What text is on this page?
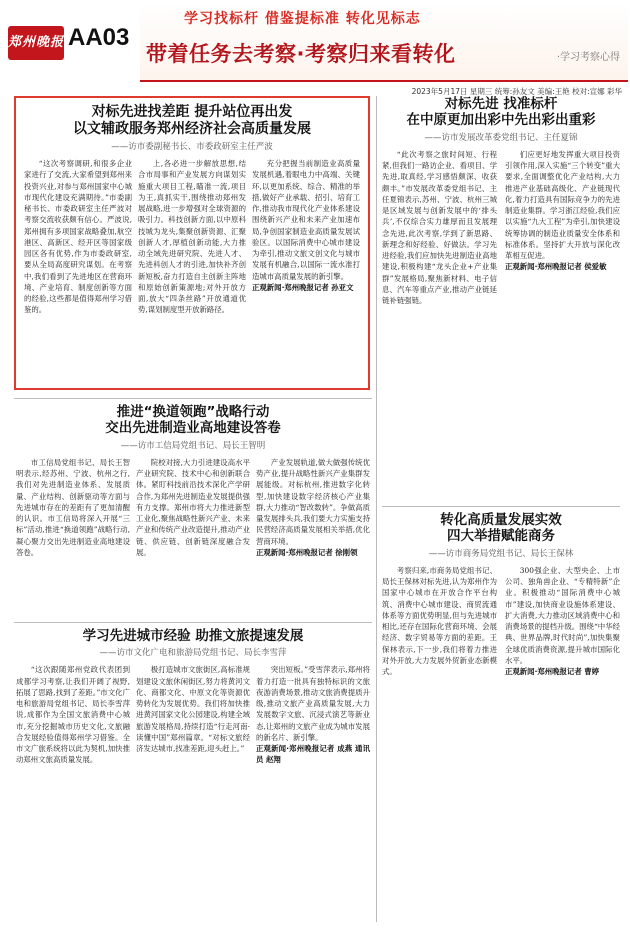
郑州晚报 AA03
学习找标杆 借鉴提标准 转化见标志
带着任务去考察·考察归来看转化	·学习考察心得
2023年5月17日 星期三 统筹:孙友文 美编:王艳 校对:宣娜 彩华
对标先进找差距 提升站位再出发
以文辅政服务郑州经济社会高质量发展
——访市委副秘书长、市委政研室主任严波

“这次考察调研,和很多企业家进行了交流,大家希望到郑州来投资兴业,对参与郑州国家中心城市现代化建设充满期待。”市委副秘书长、市委政研室主任严波对考察交流收获颇有信心。严波说,郑州拥有多项国家战略叠加,航空港区、高新区、经开区等国家级园区各有优势,作为市委政研室,要从全局高度研究谋划。在考察中,我们看到了先进地区在营商环境、产业培育、制度创新等方面的经验,这些都是值得郑州学习借鉴的。

上,各必进一步解放思想,结合市局事和产业发展方向谋划实施重大项目工程,瞄准一流,项目为王,真抓实干,围绕推动郑州发展战略,进一步增强对全球资源的吸引力。科技创新方面,以中原科技城为龙头,集聚创新资源、汇聚创新人才,厚植创新动能,大力推动全域先进研究院、先进人才、先进科创人才的引进,加快补齐创新短板,奋力打造自主创新主阵地和原始创新策源地;对外开放方面,放大“四条丝路”开放通道优势,谋划制度型开放新路径。

充分把握当前制造业高质量发展机遇,着眼电力中高端、关键环,以更加系统、综合、精准的举措,做好产业承载、招引、培育工作,推动我市现代化产业体系建设围绕新兴产业和未来产业加速布局,争创国家制造业高质量发展试验区。以国际消费中心城市建设为牵引,推动文旅文创文化与城市发展有机融合,以国际一流水准打造城市高质量发展的新引擎。

正观新闻·郑州晚报记者 孙亚文

对标先进 找准标杆
在中原更加出彩中先出彩出重彩
——访市发展改革委党组书记、主任夏锦

“此次考察之旅时间短、行程紧,但我们一路访企业、看项目、学先进,取真经,学习感悟颇深、收获颇丰。”市发展改革委党组书记、主任夏锦表示,苏州、宁波、杭州三城是区域发展与创新发展中的‘排头兵’,不仅综合实力雄厚而且发展理念先进,此次考察,学到了新思路、新理念和好经验、好做法。学习先进经验,我们应加快先进制造业高地建设,积极构建“龙头企业+产业集群”发展格局,聚焦新材料、电子信息、汽车等重点产业,推动产业链延链补链强链。

们应更好地发挥重大项目投资引领作用,深入实施“三个转变”重大要求,全面调整优化产业结构,大力推进产业基础高级化、产业链现代化,着力打造具有国际竞争力的先进制造业集群。学习浙江经验,我们应以实施“九大工程”为牵引,加快建设统筹协调的制造业质量安全体系和标准体系。坚持扩大开放与深化改革相互促进。

正观新闻·郑州晚报记者 侯爱敏

推进“换道领跑”战略行动
交出先进制造业高地建设答卷
——访市工信局党组书记、局长王智明

市工信局党组书记、局长王智明表示,经苏州、宁波、杭州之行,我们对先进制造业体系、发展质量、产业结构、创新驱动等方面与先进城市存在的差距有了更加清醒的认识。市工信局将深入开展“三标”活动,推进“换道领跑”战略行动,凝心聚力交出先进制造业高地建设答卷。

院校对接,大力引进建设高水平产业研究院、技术中心和创新联合体。紧盯科技前沿技术深化产学研合作,为郑州先进制造业发展提供强有力支撑。郑州市将大力推进新型工业化,聚焦战略性新兴产业、未来产业和传统产业改造提升,推动产业链、供应链、创新链深度融合发展。

产业发展轨道,做大做强传统优势产业,提升战略性新兴产业集群发展能级。对标杭州,推进数字化转型,加快建设数字经济核心产业集群,大力推动“智改数转”。争做高质量发展排头兵,我们要大力实施支持民营经济高质量发展相关举措,优化营商环境。

正观新闻·郑州晚报记者 徐刚领

转化高质量发展实效
四大举措赋能商务
——访市商务局党组书记、局长王保林

考察归来,市商务局党组书记、局长王保林对标先进,认为郑州作为国家中心城市在开放合作平台构筑、消费中心城市建设、商贸流通体系等方面优势明显,但与先进城市相比,还存在国际化营商环境、会展经济、数字贸易等方面的差距。王保林表示,下一步,我们将着力推进对外开放,大力发展外贸新业态新模式。

300强企业、大型央企、上市公司、独角兽企业、“专精特新”企业。积极推动“国际消费中心城市”建设,加快商业设施体系建设、扩大消费,大力推动区域消费中心和消费场景的提档升级。围绕“中华经典、世界品牌,时代时尚”,加快集聚全球优质消费资源,提升城市国际化水平。

正观新闻·郑州晚报记者 曹婷

学习先进城市经验 助推文旅提速发展
——访市文化广电和旅游局党组书记、局长李雪萍

“这次跟随郑州党政代表团到成都学习考察,让我们开阔了视野,拓展了思路,找到了差距。”市文化广电和旅游局党组书记、局长李雪萍说,成都作为全国文旅消费中心城市,充分挖掘城市历史文化,文旅融合发展经验值得郑州学习借鉴。全市文广旅系统将以此为契机,加快推动郑州文旅高质量发展。

极打造城市文旅街区,高标准规划建设文旅休闲街区,努力将黄河文化、商都文化、中原文化等资源优势转化为发展优势。我们将加快推进黄河国家文化公园建设,构建全域旅游发展格局,持续打造“行走河南·读懂中国”郑州篇章。“对标文旅经济发达城市,找准差距,迎头赶上。”

突出短板。”受雪萍表示,郑州将着力打造一批具有独特标识的文旅夜游消费场景,推动文旅消费提质升级,推动文旅产业高质量发展,大力发展数字文旅、沉浸式演艺等新业态,让郑州的文旅产业成为城市发展的新名片、新引擎。

正观新闻·郑州晚报记者 成燕 通讯员 赵翔
